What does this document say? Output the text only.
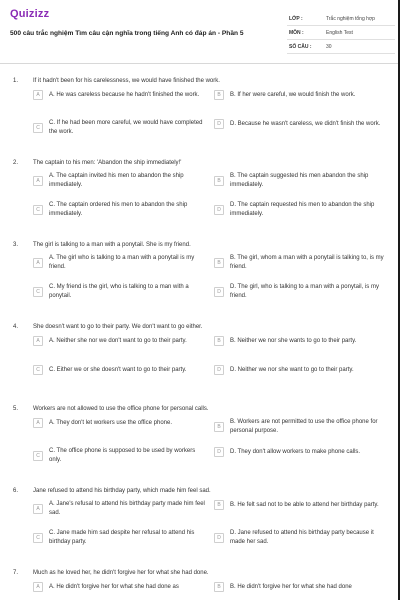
Quizizz
500 câu trắc nghiệm Tìm câu cận nghĩa trong tiếng Anh có đáp án - Phần 5
LỚP :	Trắc nghiệm tổng hợp
MÔN :	English Test
SỐ CÂU :	30
1. If it hadn't been for his carelessness, we would have finished the work.
A	A. He was careless because he hadn't finished the work.	B	B. If her were careful, we would finish the work.
C
C. If he had been more careful, we would have completed the work.
D	D. Because he wasn't careless, we didn't finish the work.
2. The captain to his men: 'Abandon the ship immediately!'
A
A. The captain invited his men to abandon the ship immediately.
B
B. The captain suggested his men abandon the ship immediately.
C
C. The captain ordered his men to abandon the ship immediately.
D
D. The captain requested his men to abandon the ship immediately.
3. The girl is talking to a man with a ponytail. She is my friend.
A
A. The girl who is talking to a man with a ponytail is my friend.
B
B. The girl, whom a man with a ponytail is talking to, is my friend.
C
C. My friend is the girl, who is talking to a man with a ponytail.
D
D. The girl, who is talking to a man with a ponytail, is my friend.
4. She doesn't want to go to their party. We don't want to go either.
A	A. Neither she nor we don't want to go to their party.	B	B. Neither we nor she wants to go to their party.
C	C. Either we or she doesn't want to go to their party.	D	D. Neither we nor she want to go to their party.
5. Workers are not allowed to use the office phone for personal calls.
A	A. They don't let workers use the office phone.
B
B. Workers are not permitted to use the office phone for personal purpose.
C
C. The office phone is supposed to be used by workers only.
D	D. They don't allow workers to make phone calls.
6. Jane refused to attend his birthday party, which made him feel sad.
A
A. Jane's refusal to attend his birthday party made him feel sad.
B	B. He felt sad not to be able to attend her birthday party.
C
C. Jane made him sad despite her refusal to attend his birthday party.
D
D. Jane refused to attend his birthday party because it made her sad.
7. Much as he loved her, he didn't forgive her for what she had done.
A	A. He didn't forgive her for what she had done as	B	B. He didn't forgive her for what she had done
